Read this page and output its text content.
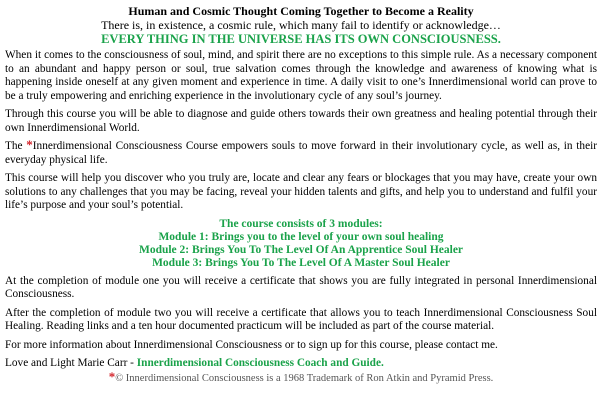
Human and Cosmic Thought Coming Together to Become a Reality
There is, in existence, a cosmic rule, which many fail to identify or acknowledge…
EVERY THING IN THE UNIVERSE HAS ITS OWN CONSCIOUSNESS.

When it comes to the consciousness of soul, mind, and spirit there are no exceptions to this simple rule. As a necessary component to an abundant and happy person or soul, true salvation comes through the knowledge and awareness of knowing what is happening inside oneself at any given moment and experience in time. A daily visit to one’s Innerdimensional world can prove to be a truly empowering and enriching experience in the involutionary cycle of any soul’s journey.

Through this course you will be able to diagnose and guide others towards their own greatness and healing potential through their own Innerdimensional World.

The *Innerdimensional Consciousness Course empowers souls to move forward in their involutionary cycle, as well as, in their everyday physical life.

This course will help you discover who you truly are, locate and clear any fears or blockages that you may have, create your own solutions to any challenges that you may be facing, reveal your hidden talents and gifts, and help you to understand and fulfil your life’s purpose and your soul’s potential.

The course consists of 3 modules:
Module 1: Brings you to the level of your own soul healing
Module 2: Brings You To The Level Of An Apprentice Soul Healer
Module 3: Brings You To The Level Of A Master Soul Healer

At the completion of module one you will receive a certificate that shows you are fully integrated in personal Innerdimensional Consciousness.

After the completion of module two you will receive a certificate that allows you to teach Innerdimensional Consciousness Soul Healing. Reading links and a ten hour documented practicum will be included as part of the course material.

For more information about Innerdimensional Consciousness or to sign up for this course, please contact me.

Love and Light Marie Carr - Innerdimensional Consciousness Coach and Guide.
*© Innerdimensional Consciousness is a 1968 Trademark of Ron Atkin and Pyramid Press.
